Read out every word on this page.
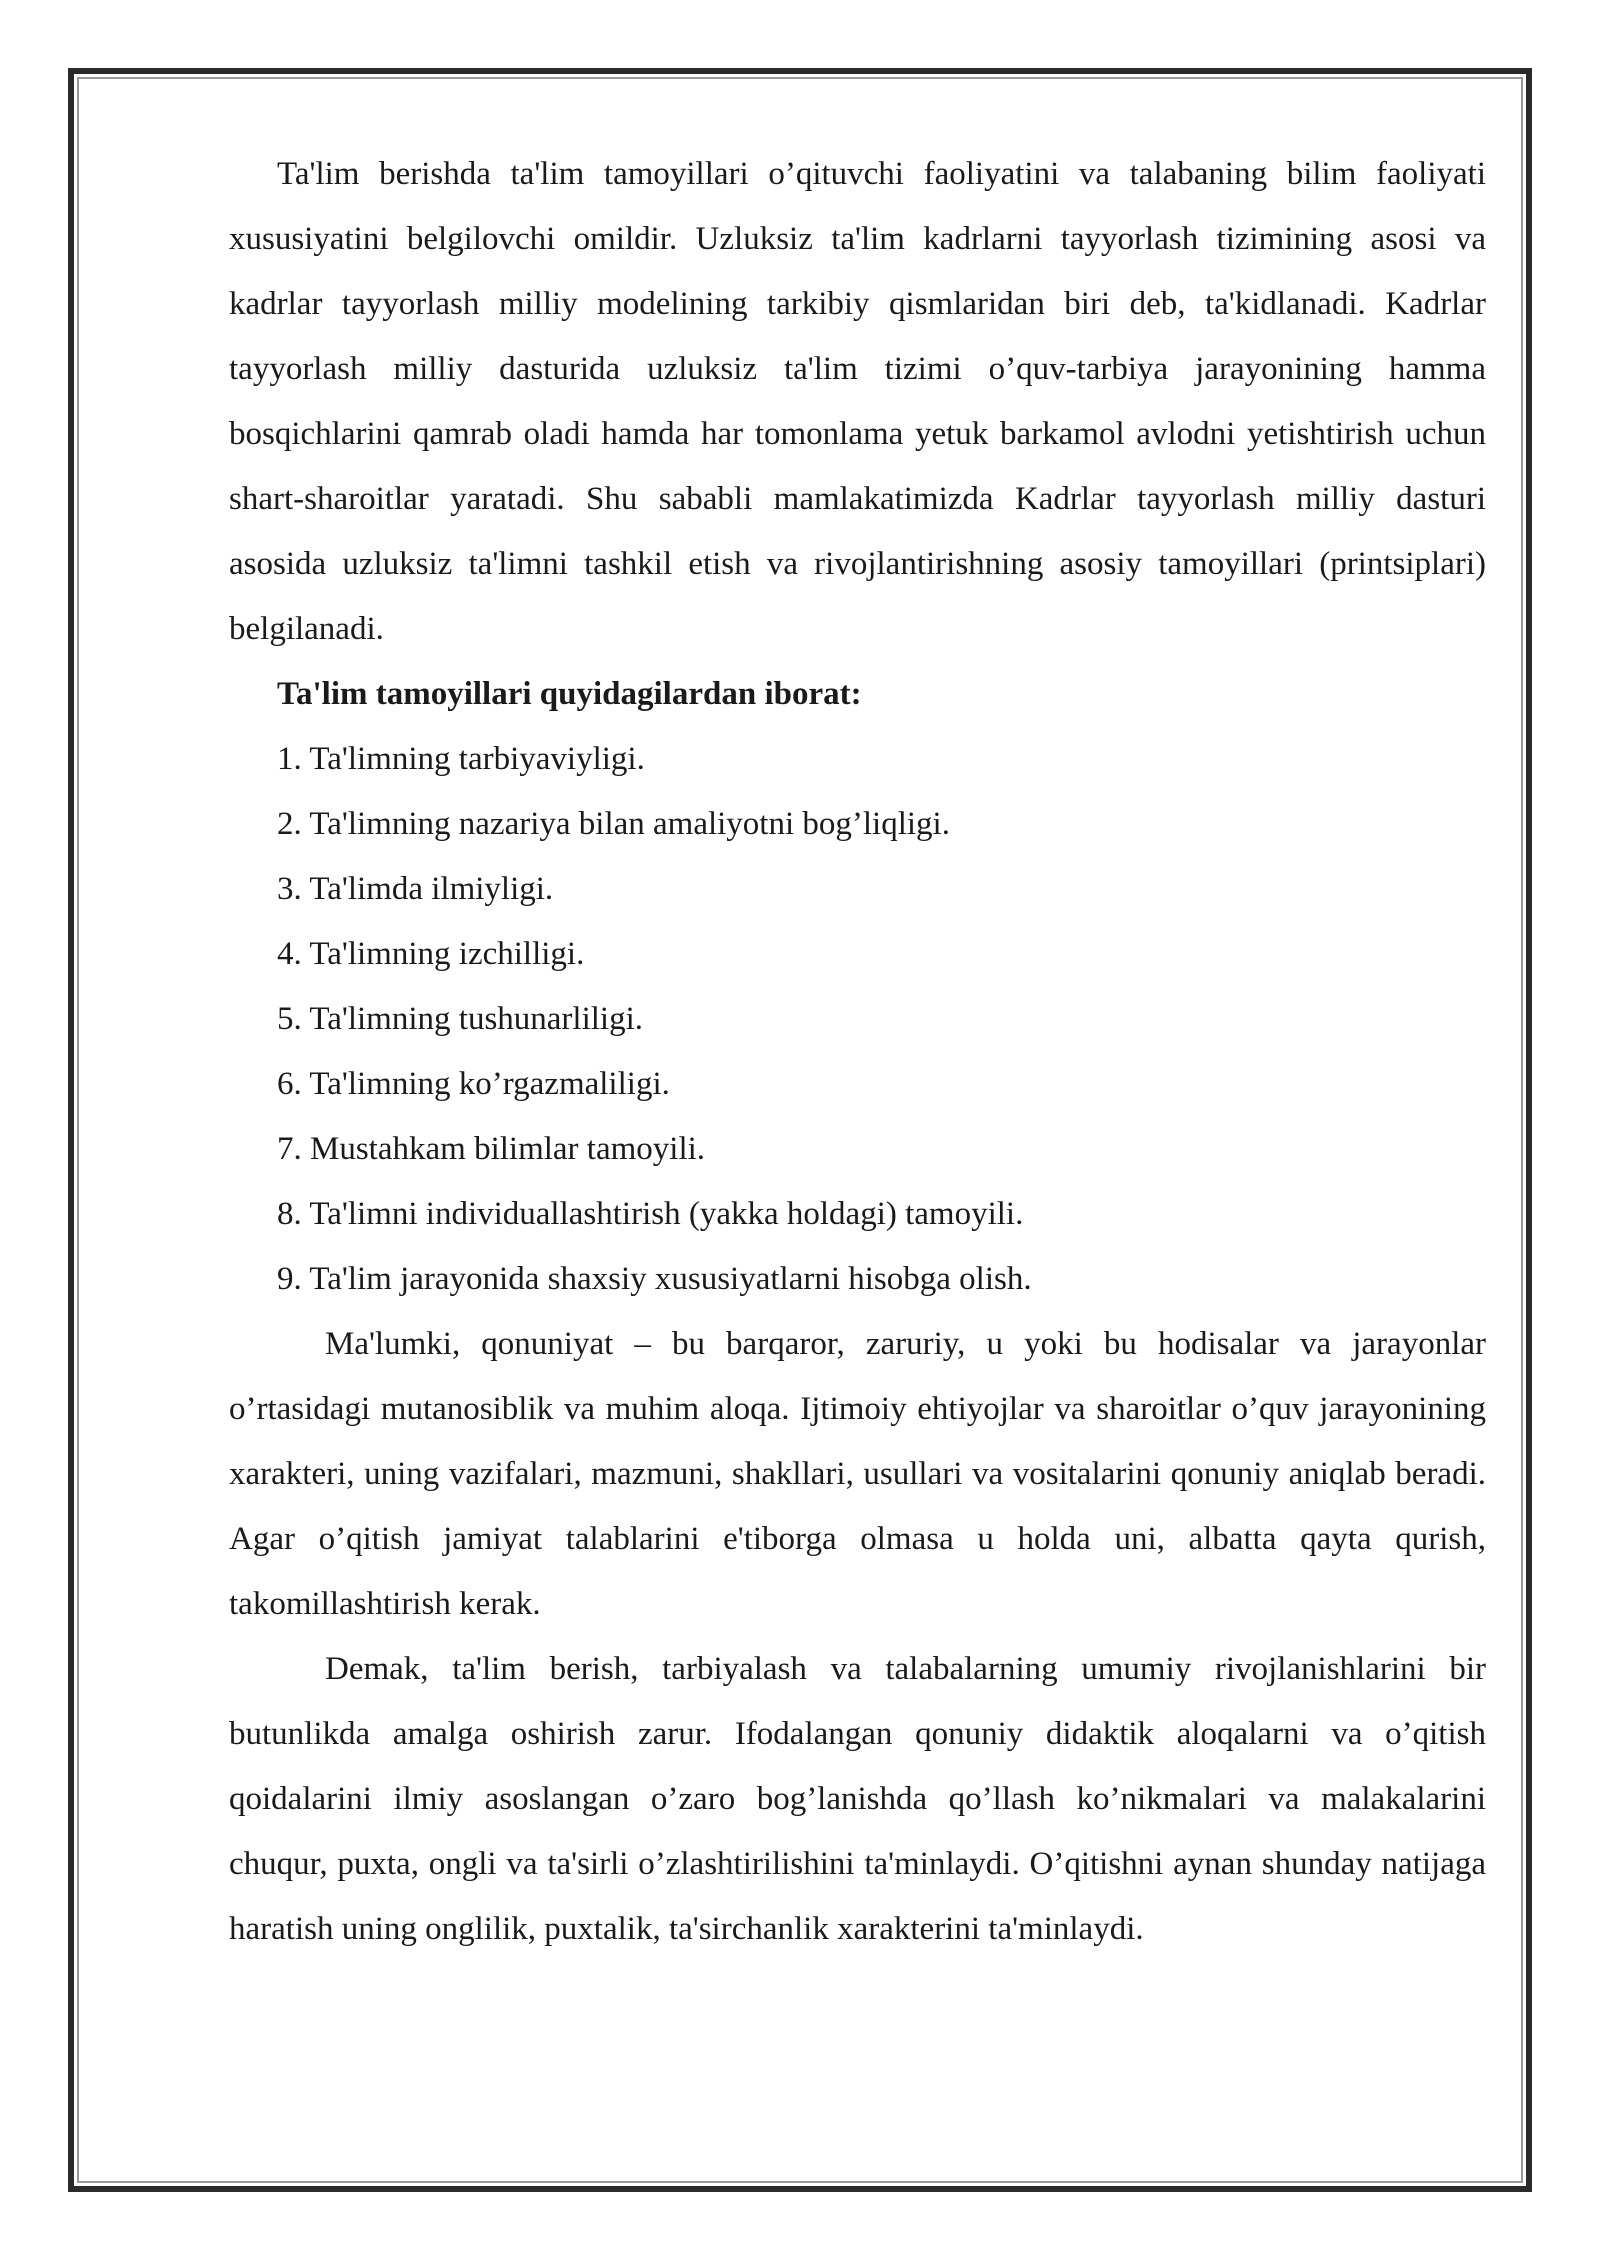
Ta'lim berishda ta'lim tamoyillari o’qituvchi faoliyatini va talabaning bilim faoliyati xususiyatini belgilovchi omildir. Uzluksiz ta'lim kadrlarni tayyorlash tizimining asosi va kadrlar tayyorlash milliy modelining tarkibiy qismlaridan biri deb, ta'kidlanadi. Kadrlar tayyorlash milliy dasturida uzluksiz ta'lim tizimi o’quv-tarbiya jarayonining hamma bosqichlarini qamrab oladi hamda har tomonlama yetuk barkamol avlodni yetishtirish uchun shart-sharoitlar yaratadi. Shu sababli mamlakatimizda Kadrlar tayyorlash milliy dasturi asosida uzluksiz ta'limni tashkil etish va rivojlantirishning asosiy tamoyillari (printsiplari) belgilanadi.

Ta'lim tamoyillari quyidagilardan iborat:

1. Ta'limning tarbiyaviyligi.
2. Ta'limning nazariya bilan amaliyotni bog’liqligi.
3. Ta'limda ilmiyligi.
4. Ta'limning izchilligi.
5. Ta'limning tushunarliligi.
6. Ta'limning ko’rgazmaliligi.
7. Mustahkam bilimlar tamoyili.
8. Ta'limni individuallashtirish (yakka holdagi) tamoyili.
9. Ta'lim jarayonida shaxsiy xususiyatlarni hisobga olish.

Ma'lumki, qonuniyat – bu barqaror, zaruriy, u yoki bu hodisalar va jarayonlar o’rtasidagi mutanosiblik va muhim aloqa. Ijtimoiy ehtiyojlar va sharoitlar o’quv jarayonining xarakteri, uning vazifalari, mazmuni, shakllari, usullari va vositalarini qonuniy aniqlab beradi. Agar o’qitish jamiyat talablarini e'tiborga olmasa u holda uni, albatta qayta qurish, takomillashtirish kerak.

Demak, ta'lim berish, tarbiyalash va talabalarning umumiy rivojlanishlarini bir butunlikda amalga oshirish zarur. Ifodalangan qonuniy didaktik aloqalarni va o’qitish qoidalarini ilmiy asoslangan o’zaro bog’lanishda qo’llash ko’nikmalari va malakalarini chuqur, puxta, ongli va ta'sirli o’zlashtirilishini ta'minlaydi. O’qitishni aynan shunday natijaga haratish uning onglilik, puxtalik, ta'sirchanlik xarakterini ta'minlaydi.
